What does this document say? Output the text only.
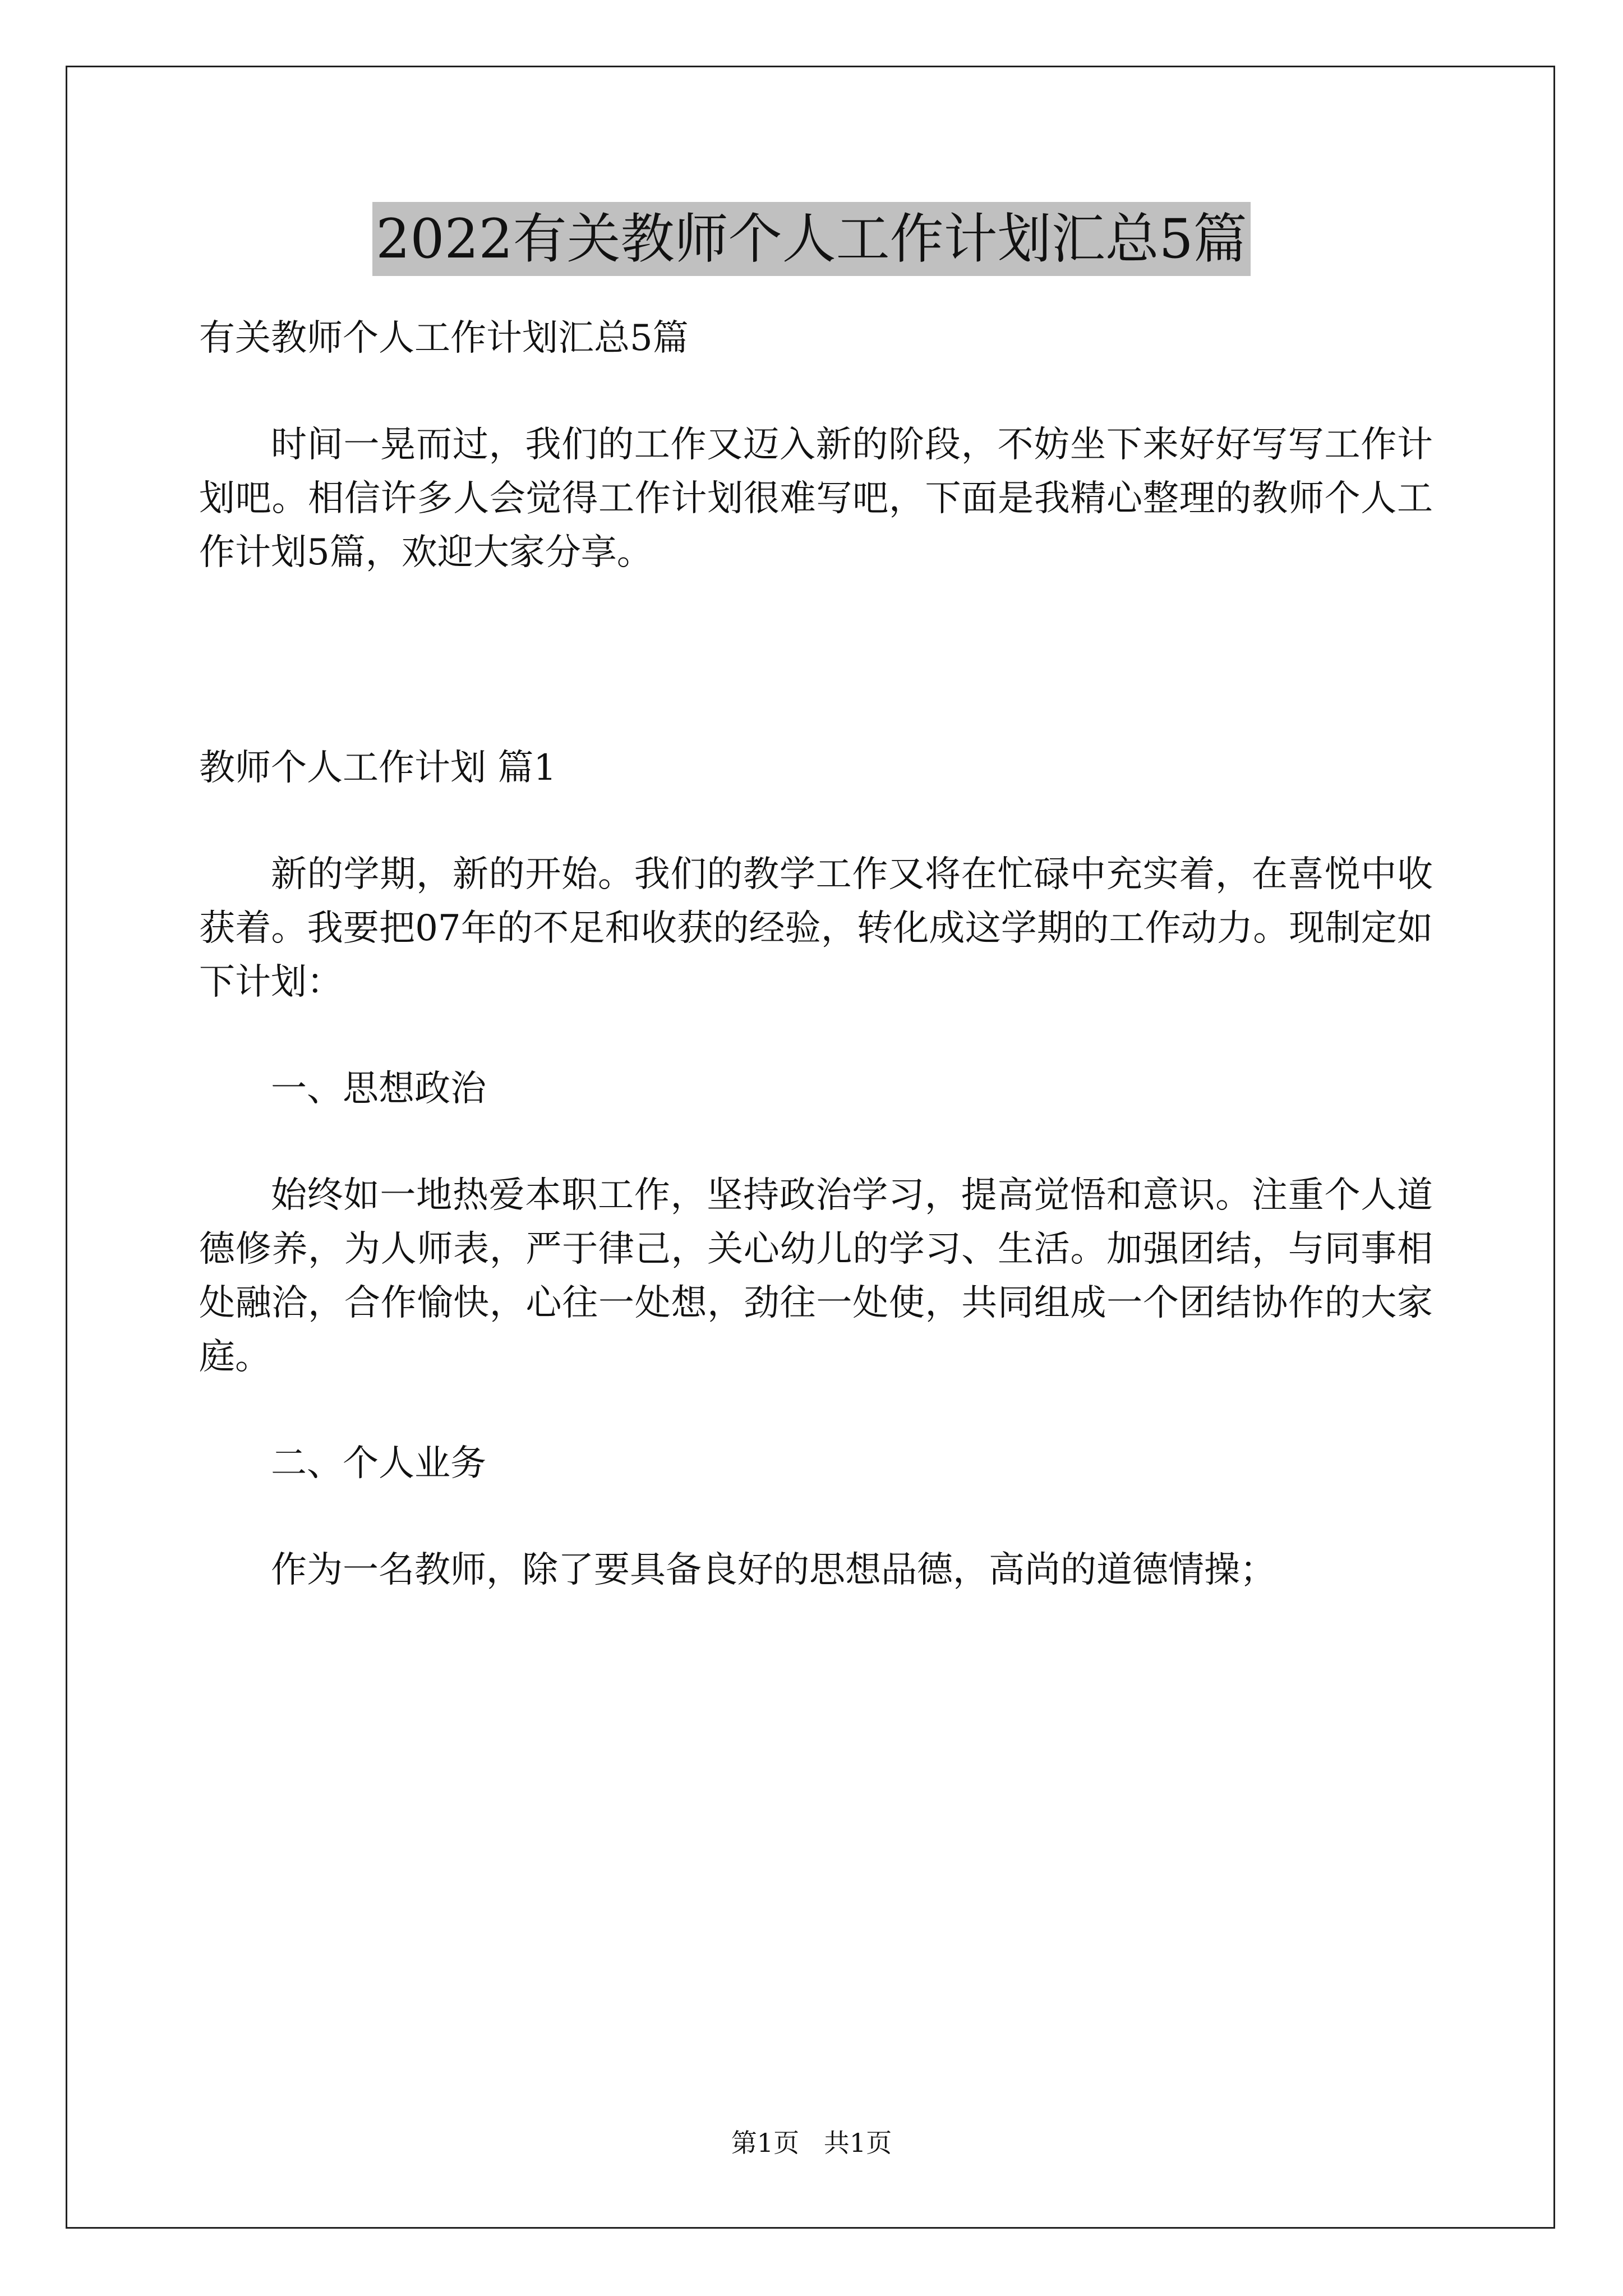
2022有关教师个人工作计划汇总5篇
有关教师个人工作计划汇总5篇

时间一晃而过，我们的工作又迈入新的阶段，不妨坐下来好好写写工作计划吧。相信许多人会觉得工作计划很难写吧，下面是我精心整理的教师个人工作计划5篇，欢迎大家分享。

教师个人工作计划 篇1

新的学期，新的开始。我们的教学工作又将在忙碌中充实着，在喜悦中收获着。我要把07年的不足和收获的经验，转化成这学期的工作动力。现制定如下计划：

一、思想政治

始终如一地热爱本职工作，坚持政治学习，提高觉悟和意识。注重个人道德修养，为人师表，严于律己，关心幼儿的学习、生活。加强团结，与同事相处融洽，合作愉快，心往一处想，劲往一处使，共同组成一个团结协作的大家庭。

二、个人业务

作为一名教师，除了要具备良好的思想品德，高尚的道德情操；

第1页   共1页
